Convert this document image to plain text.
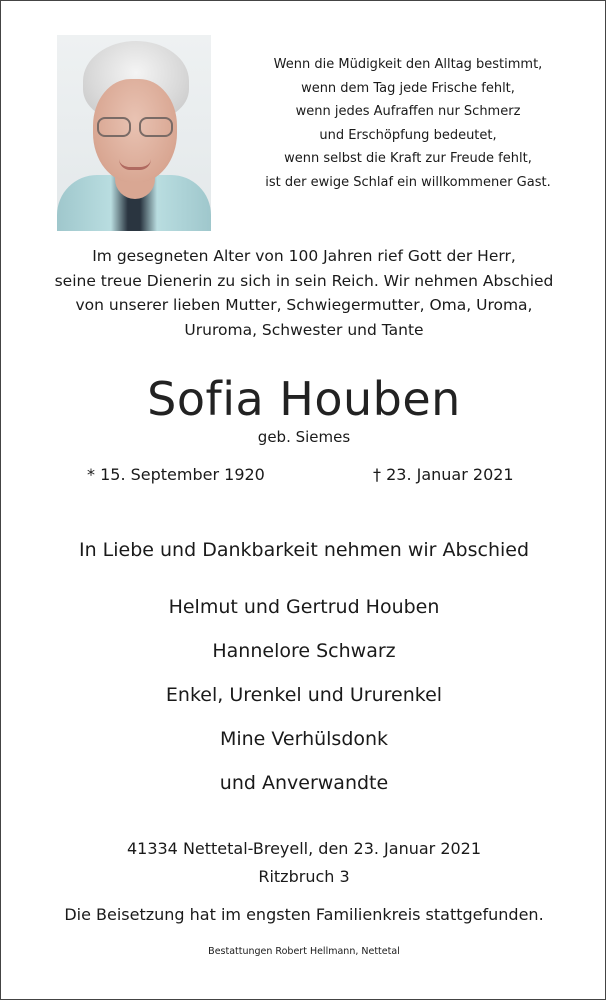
Wenn die Müdigkeit den Alltag bestimmt,
wenn dem Tag jede Frische fehlt,
wenn jedes Aufraffen nur Schmerz
und Erschöpfung bedeutet,
wenn selbst die Kraft zur Freude fehlt,
ist der ewige Schlaf ein willkommener Gast.
Im gesegneten Alter von 100 Jahren rief Gott der Herr,
seine treue Dienerin zu sich in sein Reich. Wir nehmen Abschied
von unserer lieben Mutter, Schwiegermutter, Oma, Uroma,
Ururoma, Schwester und Tante
Sofia Houben
geb. Siemes
* 15. September 1920	† 23. Januar 2021
In Liebe und Dankbarkeit nehmen wir Abschied
Helmut und Gertrud Houben
Hannelore Schwarz
Enkel, Urenkel und Ururenkel
Mine Verhülsdonk
und Anverwandte
41334 Nettetal-Breyell, den 23. Januar 2021
Ritzbruch 3
Die Beisetzung hat im engsten Familienkreis stattgefunden.
Bestattungen Robert Hellmann, Nettetal
